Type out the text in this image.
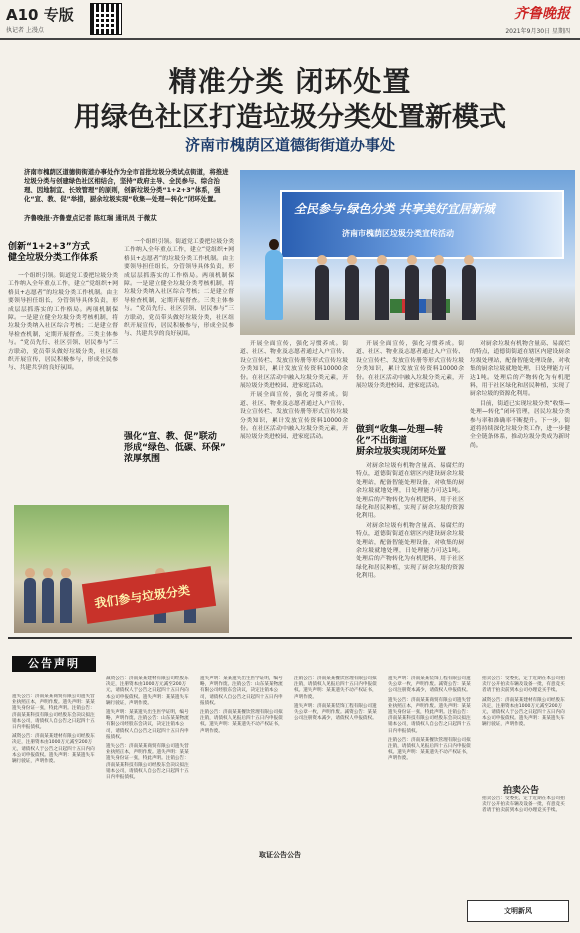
A10 专版
执记者 上漫点
齐鲁晚报
2021年9月30日 星期四
精准分类 闭环处置
用绿色社区打造垃圾分类处置新模式
济南市槐荫区道德街街道办事处
济南市槐荫区道德街街道办事处作为全市首批垃圾分类试点街道，将推进垃圾分类与创建绿色社区相结合，坚持“政府主导、全民参与、综合治理、因地制宜、长效管理”的原则，创新垃圾分类“1+2+3”体系，强化“宣、教、促”举措，厨余垃圾实现“收集—处理—转化”闭环处置。
齐鲁晚报·齐鲁壹点记者 陈红瑞 通讯员 于微苁
全民参与·绿色分类 共享美好宜居新城
济南市槐荫区垃圾分类宣传活动
我们参与垃圾分类
创新“1+2+3”方式
健全垃圾分类工作体系

一个组织引领。街道党工委把垃圾分类工作纳入全年重点工作，建立“党组织+网格员+志愿者”的垃圾分类工作机制。由主要领导担任组长，分管领导具体负责，形成层层抓落实的工作格局。两项机制保障。一是建立健全垃圾分类考核机制，将垃圾分类纳入社区综合考核；二是建立督导检查机制，定期开展督查。三类主体参与。“党员先行、社区引领、居民参与”三方联动，党员带头做好垃圾分类，社区组织开展宣传，居民积极参与，形成全民参与、共建共享的良好氛围。

一个组织引领。街道党工委把垃圾分类工作纳入全年重点工作，建立“党组织+网格员+志愿者”的垃圾分类工作机制。由主要领导担任组长，分管领导具体负责，形成层层抓落实的工作格局。两项机制保障。一是建立健全垃圾分类考核机制，将垃圾分类纳入社区综合考核；二是建立督导检查机制，定期开展督查。三类主体参与。“党员先行、社区引领、居民参与”三方联动，党员带头做好垃圾分类，社区组织开展宣传，居民积极参与，形成全民参与、共建共享的良好氛围。

强化“宣、教、促”联动
形成“绿色、低碳、环保”
浓厚氛围

开展全面宣传，强化习惯养成。街道、社区、物业及志愿者通过入户宣传、设立宣传栏、发放宣传册等形式宣传垃圾分类知识，累计发放宣传资料10000余份。在社区活动中融入垃圾分类元素，开展垃圾分类进校园、进家庭活动。

开展全面宣传，强化习惯养成。街道、社区、物业及志愿者通过入户宣传、设立宣传栏、发放宣传册等形式宣传垃圾分类知识，累计发放宣传资料10000余份。在社区活动中融入垃圾分类元素，开展垃圾分类进校园、进家庭活动。

开展全面宣传，强化习惯养成。街道、社区、物业及志愿者通过入户宣传、设立宣传栏、发放宣传册等形式宣传垃圾分类知识，累计发放宣传资料10000余份。在社区活动中融入垃圾分类元素，开展垃圾分类进校园、进家庭活动。

做到“收集—处理—转化”不出街道
厨余垃圾实现闭环处置

对厨余垃圾有机物含量高、易腐烂的特点，道德街街道在辖区内建设厨余垃圾处理站，配备智能处理设备，对收集的厨余垃圾就地处理，日处理能力可达1吨。处理后的产物转化为有机肥料，用于社区绿化和居民种植，实现了厨余垃圾的资源化利用。

对厨余垃圾有机物含量高、易腐烂的特点，道德街街道在辖区内建设厨余垃圾处理站，配备智能处理设备，对收集的厨余垃圾就地处理，日处理能力可达1吨。处理后的产物转化为有机肥料，用于社区绿化和居民种植，实现了厨余垃圾的资源化利用。

对厨余垃圾有机物含量高、易腐烂的特点，道德街街道在辖区内建设厨余垃圾处理站，配备智能处理设备，对收集的厨余垃圾就地处理，日处理能力可达1吨。处理后的产物转化为有机肥料，用于社区绿化和居民种植，实现了厨余垃圾的资源化利用。

目前，街道已实现垃圾分类“收集—处理—转化”闭环管理，居民垃圾分类参与率和准确率不断提升。下一步，街道将持续深化垃圾分类工作，进一步健全全链条体系，推动垃圾分类成为新时尚。

公告声明

遗失公告：济南某某商贸有限公司遗失营业执照正本，声明作废。遗失声明：某某遗失身份证一张，特此声明。注销公告：济南某某科技有限公司经股东会决议拟注销本公司，请债权人自公告之日起四十五日内申报债权。

减资公告：济南某某建材有限公司经股东决定，注册资本由1000万元减至200万元，请债权人于公告之日起四十五日内向本公司申报债权。遗失声明：某某遗失车辆行驶证，声明作废。

减资公告：济南某某建材有限公司经股东决定，注册资本由1000万元减至200万元，请债权人于公告之日起四十五日内向本公司申报债权。遗失声明：某某遗失车辆行驶证，声明作废。

遗失声明：某某遗失出生医学证明，编号略，声明作废。注销公告：山东某某物流有限公司经股东会决议，决定注销本公司，请债权人自公告之日起四十五日内申报债权。

遗失公告：济南某某商贸有限公司遗失营业执照正本，声明作废。遗失声明：某某遗失身份证一张，特此声明。注销公告：济南某某科技有限公司经股东会决议拟注销本公司，请债权人自公告之日起四十五日内申报债权。

遗失声明：某某遗失出生医学证明，编号略，声明作废。注销公告：山东某某物流有限公司经股东会决议，决定注销本公司，请债权人自公告之日起四十五日内申报债权。

注销公告：济南某某餐饮管理有限公司拟注销，请债权人见报后四十五日内申报债权。遗失声明：某某遗失不动产权证书，声明作废。

注销公告：济南某某餐饮管理有限公司拟注销，请债权人见报后四十五日内申报债权。遗失声明：某某遗失不动产权证书，声明作废。

遗失声明：济南某某装饰工程有限公司遗失公章一枚，声明作废。减资公告：某某公司注册资本减少，请债权人申报债权。

遗失声明：济南某某装饰工程有限公司遗失公章一枚，声明作废。减资公告：某某公司注册资本减少，请债权人申报债权。

遗失公告：济南某某商贸有限公司遗失营业执照正本，声明作废。遗失声明：某某遗失身份证一张，特此声明。注销公告：济南某某科技有限公司经股东会决议拟注销本公司，请债权人自公告之日起四十五日内申报债权。

注销公告：济南某某餐饮管理有限公司拟注销，请债权人见报后四十五日内申报债权。遗失声明：某某遗失不动产权证书，声明作废。

拍卖公告：受委托，定于近期在本公司拍卖厅公开拍卖车辆及设备一批，有意竞买者请于拍卖前到本公司办理竞买手续。

减资公告：济南某某建材有限公司经股东决定，注册资本由1000万元减至200万元，请债权人于公告之日起四十五日内向本公司申报债权。遗失声明：某某遗失车辆行驶证，声明作废。

拍卖公告：受委托，定于近期在本公司拍卖厅公开拍卖车辆及设备一批，有意竞买者请于拍卖前到本公司办理竞买手续。

取证公告公告
拍卖公告
文明新风
